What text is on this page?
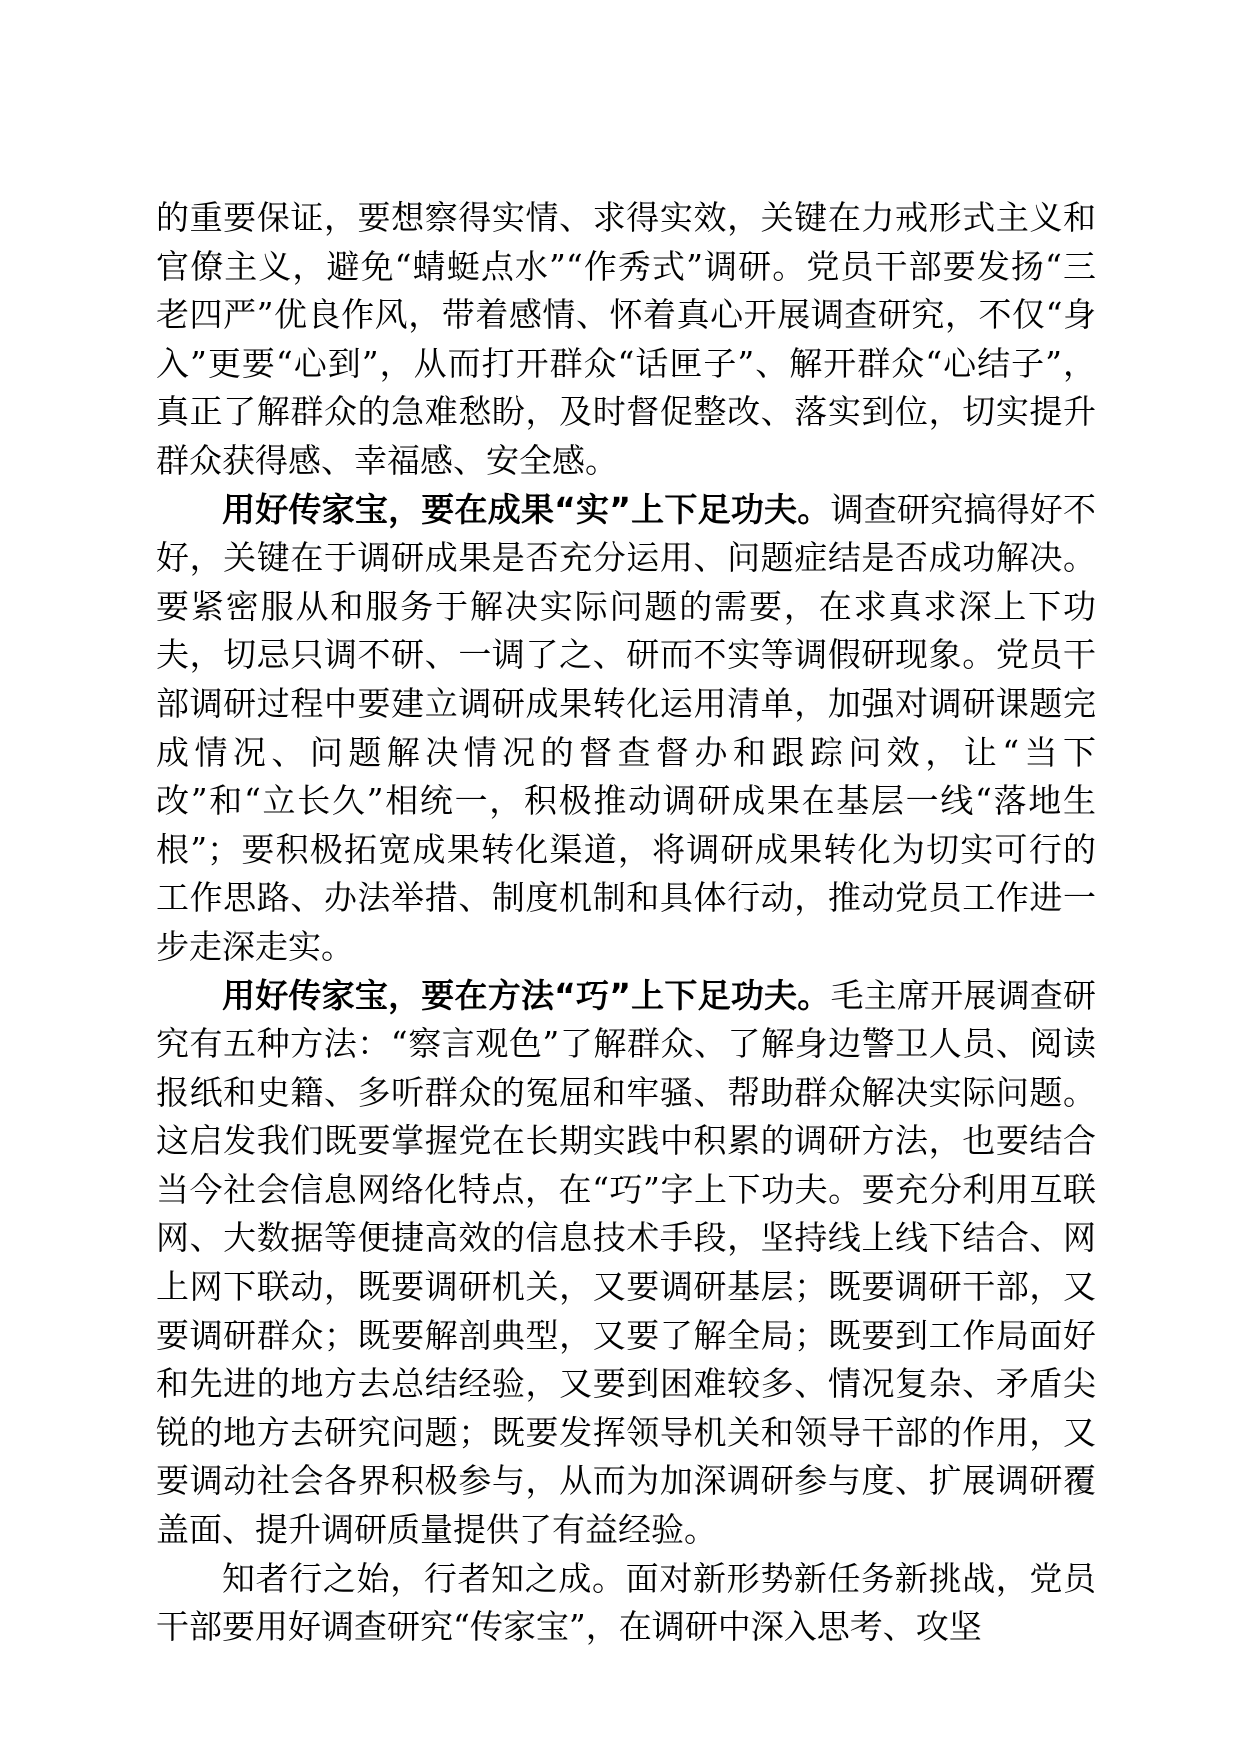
的重要保证，要想察得实情、求得实效，关键在力戒形式主义和官僚主义，避免“蜻蜓点水”“作秀式”调研。党员干部要发扬“三老四严”优良作风，带着感情、怀着真心开展调查研究，不仅“身入”更要“心到”，从而打开群众“话匣子”、解开群众“心结子”，真正了解群众的急难愁盼，及时督促整改、落实到位，切实提升群众获得感、幸福感、安全感。

用好传家宝，要在成果“实”上下足功夫。调查研究搞得好不好，关键在于调研成果是否充分运用、问题症结是否成功解决。要紧密服从和服务于解决实际问题的需要，在求真求深上下功夫，切忌只调不研、一调了之、研而不实等调假研现象。党员干部调研过程中要建立调研成果转化运用清单，加强对调研课题完成情况、问题解决情况的督查督办和跟踪问效，让“当下改”和“立长久”相统一，积极推动调研成果在基层一线“落地生根”；要积极拓宽成果转化渠道，将调研成果转化为切实可行的工作思路、办法举措、制度机制和具体行动，推动党员工作进一步走深走实。

用好传家宝，要在方法“巧”上下足功夫。毛主席开展调查研究有五种方法：“察言观色”了解群众、了解身边警卫人员、阅读报纸和史籍、多听群众的冤屈和牢骚、帮助群众解决实际问题。这启发我们既要掌握党在长期实践中积累的调研方法，也要结合当今社会信息网络化特点，在“巧”字上下功夫。要充分利用互联网、大数据等便捷高效的信息技术手段，坚持线上线下结合、网上网下联动，既要调研机关，又要调研基层；既要调研干部，又要调研群众；既要解剖典型，又要了解全局；既要到工作局面好和先进的地方去总结经验，又要到困难较多、情况复杂、矛盾尖锐的地方去研究问题；既要发挥领导机关和领导干部的作用，又要调动社会各界积极参与，从而为加深调研参与度、扩展调研覆盖面、提升调研质量提供了有益经验。

知者行之始，行者知之成。面对新形势新任务新挑战，党员干部要用好调查研究“传家宝”，在调研中深入思考、攻坚
